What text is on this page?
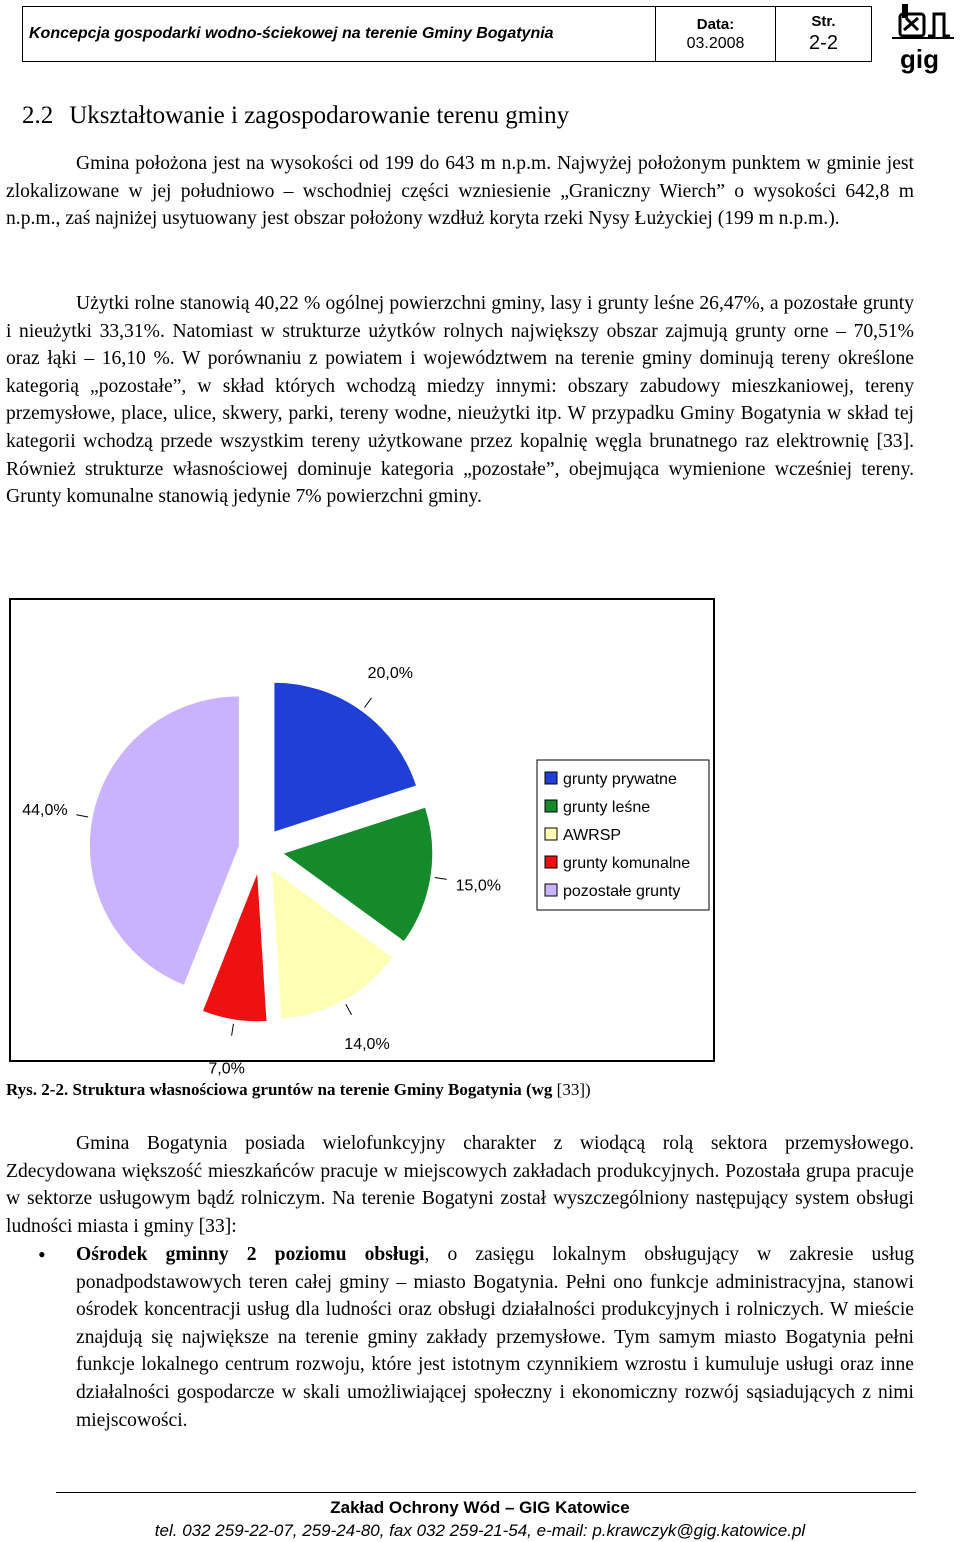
Koncepcja gospodarki wodno-ściekowej na terenie Gminy Bogatynia
Data:
03.2008
Str.
2-2
gig
2.2 Ukształtowanie i zagospodarowanie terenu gminy

Gmina położona jest na wysokości od 199 do 643 m n.p.m. Najwyżej położonym punktem w gminie jest zlokalizowane w jej południowo – wschodniej części wzniesienie „Graniczny Wierch” o wysokości 642,8 m n.p.m., zaś najniżej usytuowany jest obszar położony wzdłuż koryta rzeki Nysy Łużyckiej (199 m n.p.m.).

Użytki rolne stanowią 40,22 % ogólnej powierzchni gminy, lasy i grunty leśne 26,47%, a pozostałe grunty i nieużytki 33,31%. Natomiast w strukturze użytków rolnych największy obszar zajmują grunty orne – 70,51% oraz łąki – 16,10 %. W porównaniu z powiatem i województwem na terenie gminy dominują tereny określone kategorią „pozostałe”, w skład których wchodzą miedzy innymi: obszary zabudowy mieszkaniowej, tereny przemysłowe, place, ulice, skwery, parki, tereny wodne, nieużytki itp. W przypadku Gminy Bogatynia w skład tej kategorii wchodzą przede wszystkim tereny użytkowane przez kopalnię węgla brunatnego raz elektrownię [33]. Również strukturze własnościowej dominuje kategoria „pozostałe”, obejmująca wymienione wcześniej tereny. Grunty komunalne stanowią jedynie 7% powierzchni gminy.

20,0%
15,0%
14,0%
7,0%
44,0%
grunty prywatne
grunty leśne
AWRSP
grunty komunalne
pozostałe grunty

Rys. 2-2. Struktura własnościowa gruntów na terenie Gminy Bogatynia (wg [33])

Gmina Bogatynia posiada wielofunkcyjny charakter z wiodącą rolą sektora przemysłowego. Zdecydowana większość mieszkańców pracuje w miejscowych zakładach produkcyjnych. Pozostała grupa pracuje w sektorze usługowym bądź rolniczym. Na terenie Bogatyni został wyszczególniony następujący system obsługi ludności miasta i gminy [33]:

• Ośrodek gminny 2 poziomu obsługi, o zasięgu lokalnym obsługujący w zakresie usług ponadpodstawowych teren całej gminy – miasto Bogatynia. Pełni ono funkcje administracyjna, stanowi ośrodek koncentracji usług dla ludności oraz obsługi działalności produkcyjnych i rolniczych. W mieście znajdują się największe na terenie gminy zakłady przemysłowe. Tym samym miasto Bogatynia pełni funkcje lokalnego centrum rozwoju, które jest istotnym czynnikiem wzrostu i kumuluje usługi oraz inne działalności gospodarcze w skali umożliwiającej społeczny i ekonomiczny rozwój sąsiadujących z nimi miejscowości.
Zakład Ochrony Wód – GIG Katowice
tel. 032 259-22-07, 259-24-80, fax 032 259-21-54, e-mail: p.krawczyk@gig.katowice.pl
